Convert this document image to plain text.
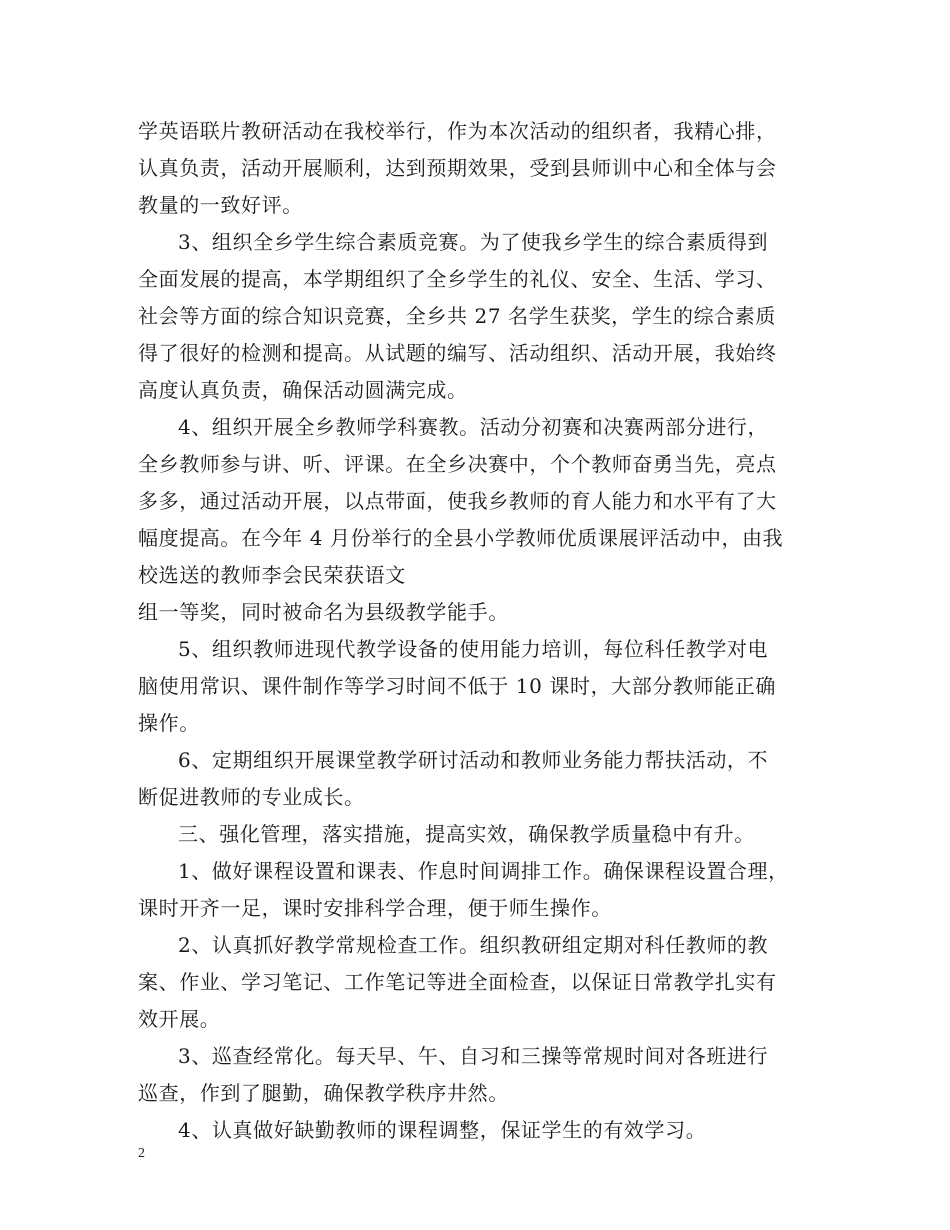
学英语联片教研活动在我校举行，作为本次活动的组织者，我精心排，
认真负责，活动开展顺利，达到预期效果，受到县师训中心和全体与会
教量的一致好评。
3、组织全乡学生综合素质竞赛。为了使我乡学生的综合素质得到
全面发展的提高，本学期组织了全乡学生的礼仪、安全、生活、学习、
社会等方面的综合知识竞赛，全乡共 27 名学生获奖，学生的综合素质
得了很好的检测和提高。从试题的编写、活动组织、活动开展，我始终
高度认真负责，确保活动圆满完成。
4、组织开展全乡教师学科赛教。活动分初赛和决赛两部分进行，
全乡教师参与讲、听、评课。在全乡决赛中，个个教师奋勇当先，亮点
多多，通过活动开展，以点带面，使我乡教师的育人能力和水平有了大
幅度提高。在今年 4 月份举行的全县小学教师优质课展评活动中，由我
校选送的教师李会民荣获语文
组一等奖，同时被命名为县级教学能手。
5、组织教师进现代教学设备的使用能力培训，每位科任教学对电
脑使用常识、课件制作等学习时间不低于 10 课时，大部分教师能正确
操作。
6、定期组织开展课堂教学研讨活动和教师业务能力帮扶活动，不
断促进教师的专业成长。
三、强化管理，落实措施，提高实效，确保教学质量稳中有升。
1、做好课程设置和课表、作息时间调排工作。确保课程设置合理，
课时开齐一足，课时安排科学合理，便于师生操作。
2、认真抓好教学常规检查工作。组织教研组定期对科任教师的教
案、作业、学习笔记、工作笔记等进全面检查，以保证日常教学扎实有
效开展。
3、巡查经常化。每天早、午、自习和三操等常规时间对各班进行
巡查，作到了腿勤，确保教学秩序井然。
4、认真做好缺勤教师的课程调整，保证学生的有效学习。
2
